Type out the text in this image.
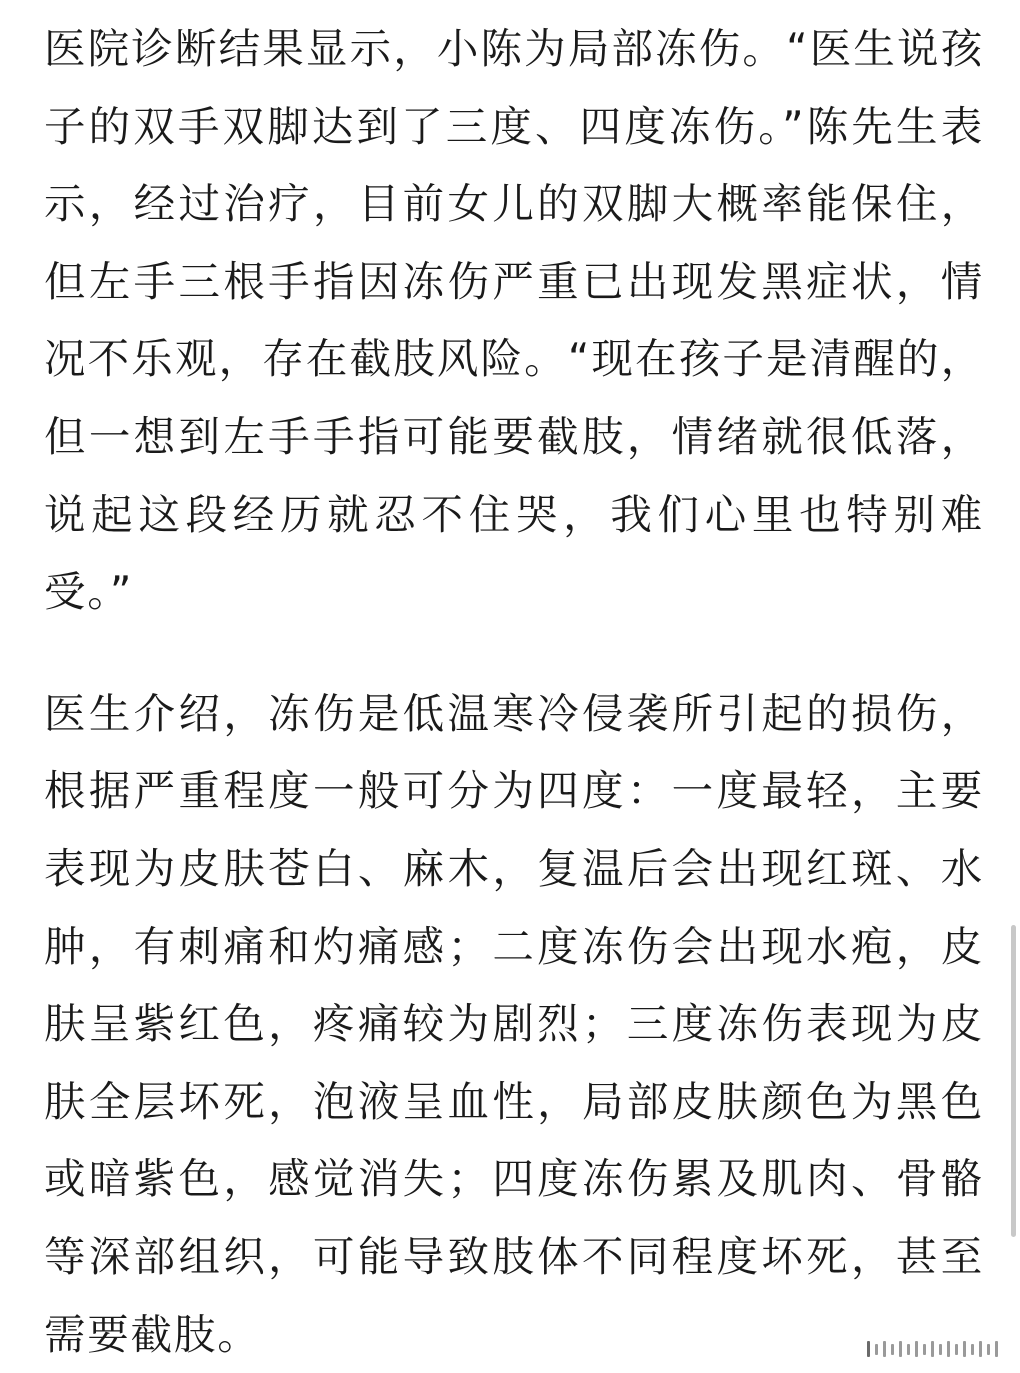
医院诊断结果显示，小陈为局部冻伤。“医生说孩子的双手双脚达到了三度、四度冻伤。”陈先生表示，经过治疗，目前女儿的双脚大概率能保住，但左手三根手指因冻伤严重已出现发黑症状，情况不乐观，存在截肢风险。“现在孩子是清醒的，但一想到左手手指可能要截肢，情绪就很低落，说起这段经历就忍不住哭，我们心里也特别难受。”

医生介绍，冻伤是低温寒冷侵袭所引起的损伤，根据严重程度一般可分为四度：一度最轻，主要表现为皮肤苍白、麻木，复温后会出现红斑、水肿，有刺痛和灼痛感；二度冻伤会出现水疱，皮肤呈紫红色，疼痛较为剧烈；三度冻伤表现为皮肤全层坏死，泡液呈血性，局部皮肤颜色为黑色或暗紫色，感觉消失；四度冻伤累及肌肉、骨骼等深部组织，可能导致肢体不同程度坏死，甚至需要截肢。
